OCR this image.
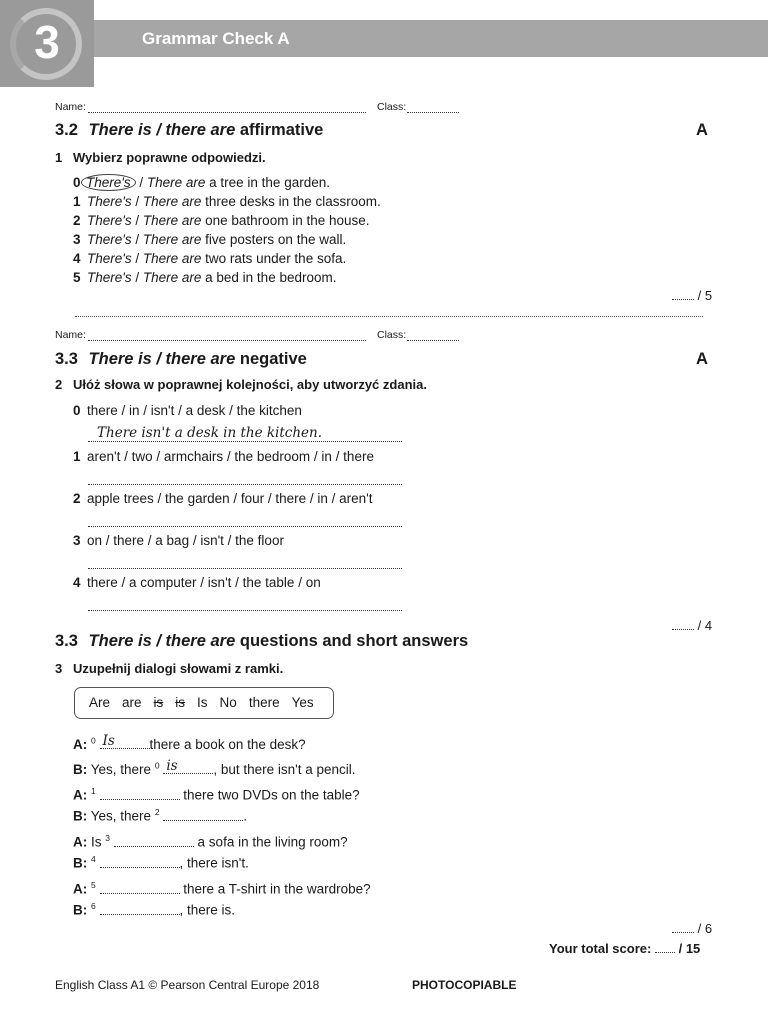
3	Grammar Check A
Name:	Class:
3.2 There is / there are affirmative	A
1 Wybierz poprawne odpowiedzi.
0 There's / There are a tree in the garden.
1 There's / There are three desks in the classroom.
2 There's / There are one bathroom in the house.
3 There's / There are five posters on the wall.
4 There's / There are two rats under the sofa.
5 There's / There are a bed in the bedroom.
/ 5
Name:	Class:
3.3 There is / there are negative	A
2 Ułóż słowa w poprawnej kolejności, aby utworzyć zdania.
0 there / in / isn't / a desk / the kitchen
There isn't a desk in the kitchen.
1 aren't / two / armchairs / the bedroom / in / there
2 apple trees / the garden / four / there / in / aren't
3 on / there / a bag / isn't / the floor
4 there / a computer / isn't / the table / on
/ 4
3.3 There is / there are questions and short answers
3 Uzupełnij dialogi słowami z ramki.
Are are is is Is No there Yes
A: $^0$ Is	there a book on the desk?
B: Yes, there $^0$ is	, but there isn't a pencil.
A: $^1$	there two DVDs on the table?
B: Yes, there $^2$	.
A: Is $^3$	a sofa in the living room?
B: $^4$	, there isn't.
A: $^5$	there a T-shirt in the wardrobe?
B: $^6$	, there is.
/ 6
Your total score: / 15
English Class A1 © Pearson Central Europe 2018	PHOTOCOPIABLE
